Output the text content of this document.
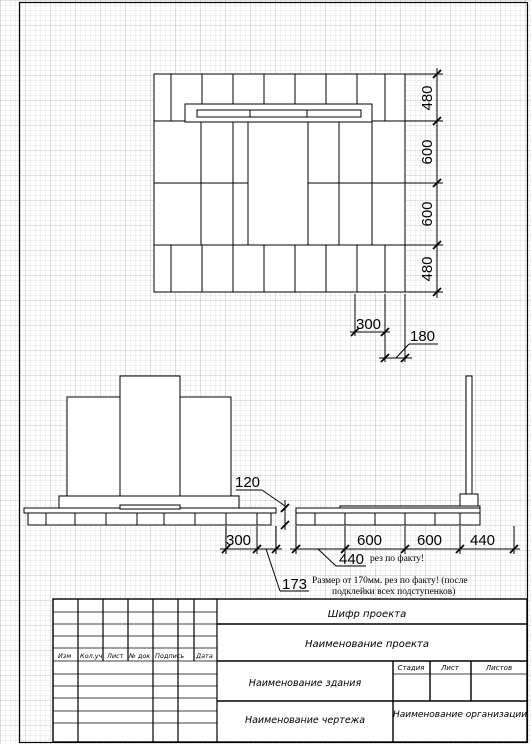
480
600
600
480
300
180
120
300	600 600 440
440 рез по факту!
173 Размер от 170мм. рез по факту! (после
подклейки всех подступенков)
Изм Кол.уч Лист № док Подпись Дата
Шифр проекта
Наименование проекта
Наименование здания
Наименование чертежа	Наименование организации
Стадия Лист	Листов
